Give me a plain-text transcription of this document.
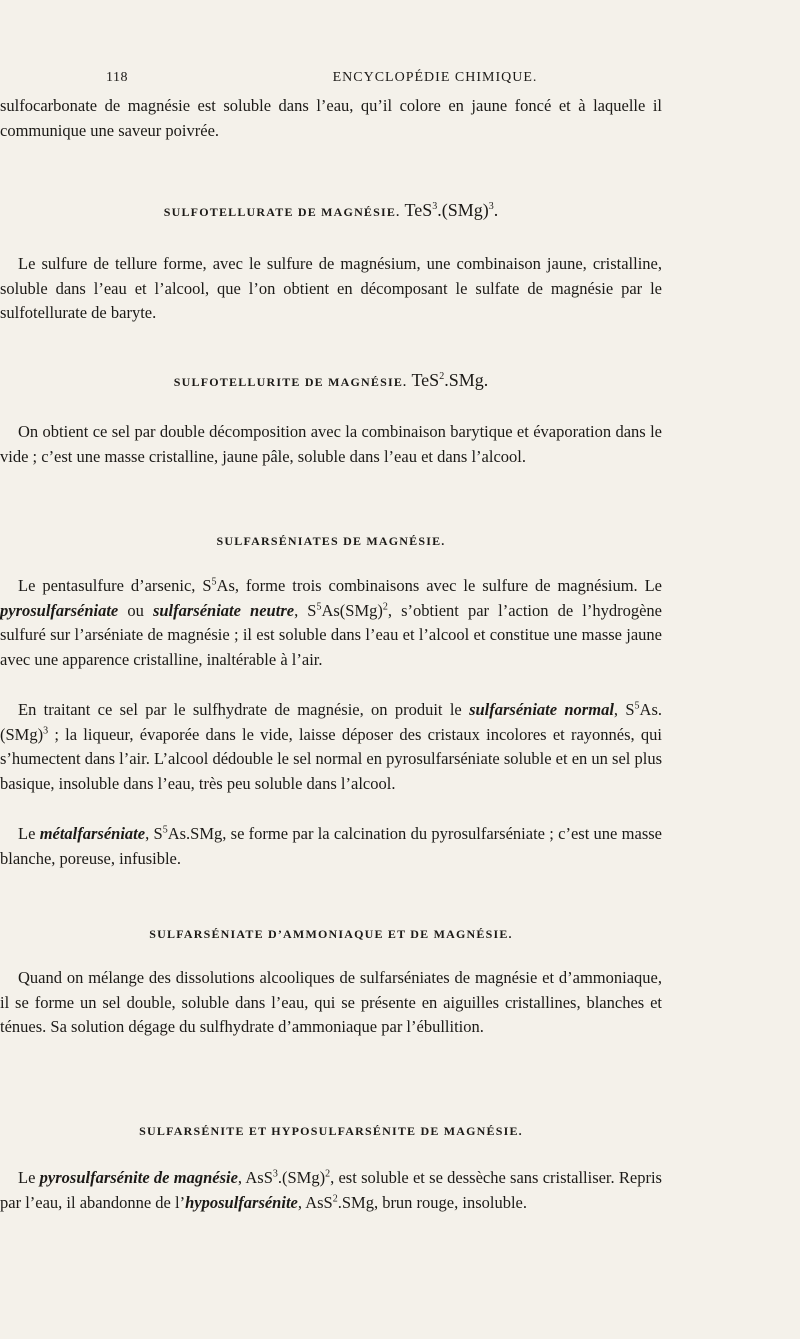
118	ENCYCLOPÉDIE CHIMIQUE.

sulfocarbonate de magnésie est soluble dans l’eau, qu’il colore en jaune foncé et à laquelle il communique une saveur poivrée.

SULFOTELLURATE DE MAGNÉSIE. TeS$^3$.(SMg)$^3$.

Le sulfure de tellure forme, avec le sulfure de magnésium, une combinaison jaune, cristalline, soluble dans l’eau et l’alcool, que l’on obtient en décomposant le sulfate de magnésie par le sulfotellurate de baryte.

SULFOTELLURITE DE MAGNÉSIE. TeS$^2$.SMg.

On obtient ce sel par double décomposition avec la combinaison barytique et évaporation dans le vide ; c’est une masse cristalline, jaune pâle, soluble dans l’eau et dans l’alcool.

SULFARSÉNIATES DE MAGNÉSIE.

Le pentasulfure d’arsenic, $S^5As$, forme trois combinaisons avec le sulfure de magnésium. Le pyrosulfarséniate ou sulfarséniate neutre, $S^5As(SMg)^2$, s’obtient par l’action de l’hydrogène sulfuré sur l’arséniate de magnésie ; il est soluble dans l’eau et l’alcool et constitue une masse jaune avec une apparence cristalline, inaltérable à l’air.

En traitant ce sel par le sulfhydrate de magnésie, on produit le sulfarséniate normal, $S^5As.(SMg)^3$ ; la liqueur, évaporée dans le vide, laisse déposer des cristaux incolores et rayonnés, qui s’humectent dans l’air. L’alcool dédouble le sel normal en pyrosulfarséniate soluble et en un sel plus basique, insoluble dans l’eau, très peu soluble dans l’alcool.

Le métalfarséniate, $S^5As.SMg$, se forme par la calcination du pyrosulfarséniate ; c’est une masse blanche, poreuse, infusible.

SULFARSÉNIATE D’AMMONIAQUE ET DE MAGNÉSIE.

Quand on mélange des dissolutions alcooliques de sulfarséniates de magnésie et d’ammoniaque, il se forme un sel double, soluble dans l’eau, qui se présente en aiguilles cristallines, blanches et ténues. Sa solution dégage du sulfhydrate d’ammoniaque par l’ébullition.

SULFARSÉNITE ET HYPOSULFARSÉNITE DE MAGNÉSIE.

Le pyrosulfarsénite de magnésie, AsS$^3$.(SMg)$^2$, est soluble et se dessèche sans cristalliser. Repris par l’eau, il abandonne de l’hyposulfarsénite, AsS$^2$.SMg, brun rouge, insoluble.
